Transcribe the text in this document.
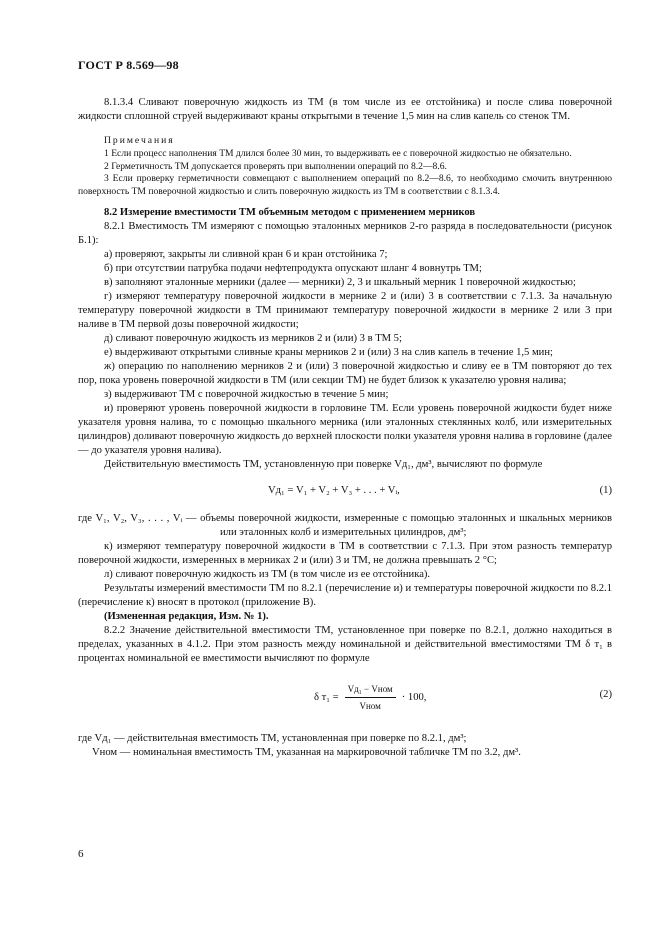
ГОСТ Р 8.569—98

8.1.3.4 Сливают поверочную жидкость из ТМ (в том числе из ее отстойника) и после слива поверочной жидкости сплошной струей выдерживают краны открытыми в течение 1,5 мин на слив капель со стенок ТМ.

Примечания

1 Если процесс наполнения ТМ длился более 30 мин, то выдерживать ее с поверочной жидкостью не обязательно.

2 Герметичность ТМ допускается проверять при выполнении операций по 8.2—8.6.

3 Если проверку герметичности совмещают с выполнением операций по 8.2—8.6, то необходимо смочить внутреннюю поверхность ТМ поверочной жидкостью и слить поверочную жидкость из ТМ в соответствии с 8.1.3.4.

8.2 Измерение вместимости ТМ объемным методом с применением мерников

8.2.1 Вместимость ТМ измеряют с помощью эталонных мерников 2-го разряда в последовательности (рисунок Б.1):

а) проверяют, закрыты ли сливной кран 6 и кран отстойника 7;

б) при отсутствии патрубка подачи нефтепродукта опускают шланг 4 вовнутрь ТМ;

в) заполняют эталонные мерники (далее — мерники) 2, 3 и шкальный мерник 1 поверочной жидкостью;

г) измеряют температуру поверочной жидкости в мернике 2 и (или) 3 в соответствии с 7.1.3. За начальную температуру поверочной жидкости в ТМ принимают температуру поверочной жидкости в мернике 2 или 3 при наливе в ТМ первой дозы поверочной жидкости;

д) сливают поверочную жидкость из мерников 2 и (или) 3 в ТМ 5;

е) выдерживают открытыми сливные краны мерников 2 и (или) 3 на слив капель в течение 1,5 мин;

ж) операцию по наполнению мерников 2 и (или) 3 поверочной жидкостью и сливу ее в ТМ повторяют до тех пор, пока уровень поверочной жидкости в ТМ (или секции ТМ) не будет близок к указателю уровня налива;

з) выдерживают ТМ с поверочной жидкостью в течение 5 мин;

и) проверяют уровень поверочной жидкости в горловине ТМ. Если уровень поверочной жидкости будет ниже указателя уровня налива, то с помощью шкального мерника (или эталонных стеклянных колб, или измерительных цилиндров) доливают поверочную жидкость до верхней плоскости полки указателя уровня налива в горловине (далее — до указателя уровня налива).

Действительную вместимость ТМ, установленную при поверке Vд₁, дм³, вычисляют по формуле

Vд₁ = V₁ + V₂ + V₃ + . . . + Vᵢ,	(1)

где V₁, V₂, V₃, . . . , Vᵢ — объемы поверочной жидкости, измеренные с помощью эталонных и шкальных мерников или эталонных колб и измерительных цилиндров, дм³;

к) измеряют температуру поверочной жидкости в ТМ в соответствии с 7.1.3. При этом разность температур поверочной жидкости, измеренных в мерниках 2 и (или) 3 и ТМ, не должна превышать 2 °С;

л) сливают поверочную жидкость из ТМ (в том числе из ее отстойника).

Результаты измерений вместимости ТМ по 8.2.1 (перечисление и) и температуры поверочной жидкости по 8.2.1 (перечисление к) вносят в протокол (приложение В).

(Измененная редакция, Изм. № 1).

8.2.2 Значение действительной вместимости ТМ, установленное при поверке по 8.2.1, должно находиться в пределах, указанных в 4.1.2. При этом разность между номинальной и действительной вместимостями ТМ δ т₁ в процентах номинальной ее вместимости вычисляют по формуле

δ $т_1 = \frac{\text{Vд₁ − Vном}}{\text{Vном}} \cdot 100$,	(2)

где Vд₁ — действительная вместимость ТМ, установленная при поверке по 8.2.1, дм³;

Vном — номинальная вместимость ТМ, указанная на маркировочной табличке ТМ по 3.2, дм³.

6
